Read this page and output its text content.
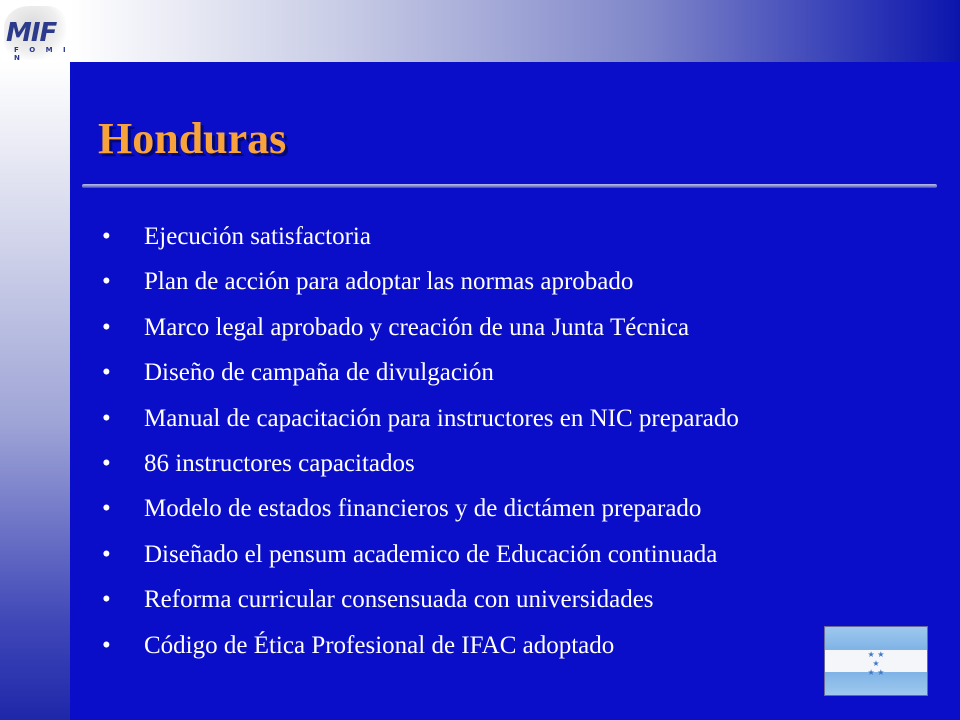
MIF
F O M I N
Honduras
•	Ejecución satisfactoria
•	Plan de acción para adoptar las normas aprobado
•	Marco legal aprobado y creación de una Junta Técnica
•	Diseño de campaña de divulgación
•	Manual de capacitación para instructores en NIC preparado
•	86 instructores capacitados
•	Modelo de estados financieros y de dictámen preparado
•	Diseñado el pensum academico de Educación continuada
•	Reforma curricular consensuada con universidades
•	Código de Ética Profesional de IFAC adoptado	★ ★
★
★ ★
